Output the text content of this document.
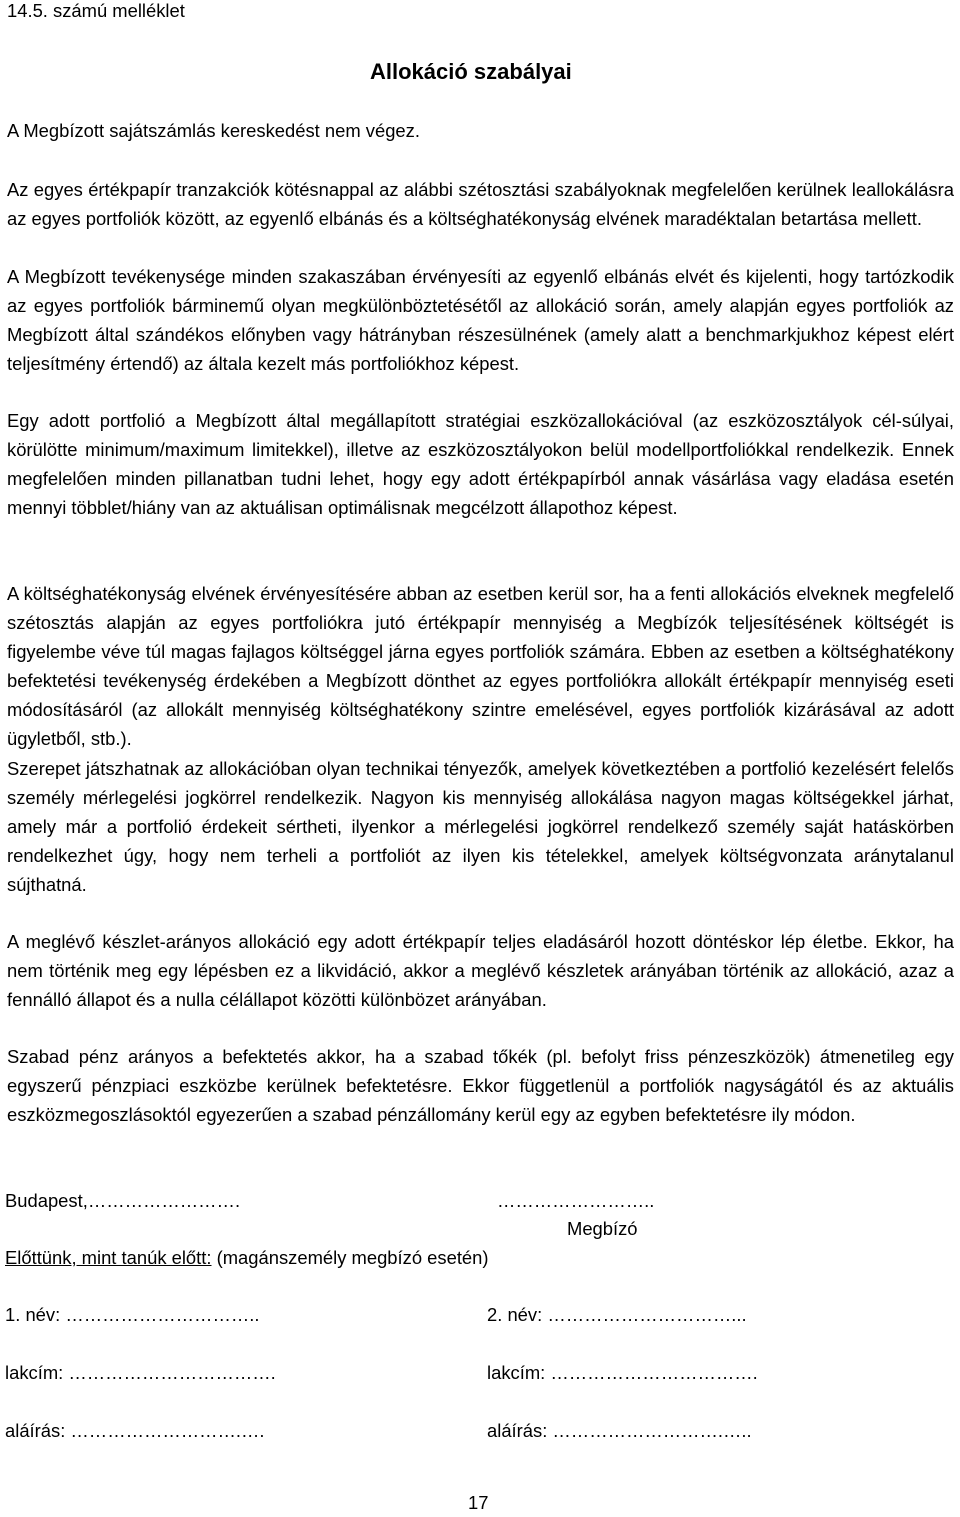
14.5. számú melléklet
Allokáció szabályai
A Megbízott sajátszámlás kereskedést nem végez.

Az egyes értékpapír tranzakciók kötésnappal az alábbi szétosztási szabályoknak megfelelően kerülnek leallokálásra az egyes portfoliók között, az egyenlő elbánás és a költséghatékonyság elvének maradéktalan betartása mellett.

A Megbízott tevékenysége minden szakaszában érvényesíti az egyenlő elbánás elvét és kijelenti, hogy tartózkodik az egyes portfoliók bárminemű olyan megkülönböztetésétől az allokáció során, amely alapján egyes portfoliók az Megbízott által szándékos előnyben vagy hátrányban részesülnének (amely alatt a benchmarkjukhoz képest elért teljesítmény értendő) az általa kezelt más portfoliókhoz képest.

Egy adott portfolió a Megbízott által megállapított stratégiai eszközallokációval (az eszközosztályok cél-súlyai, körülötte minimum/maximum limitekkel), illetve az eszközosztályokon belül modellportfoliókkal rendelkezik. Ennek megfelelően minden pillanatban tudni lehet, hogy egy adott értékpapírból annak vásárlása vagy eladása esetén mennyi többlet/hiány van az aktuálisan optimálisnak megcélzott állapothoz képest.

A költséghatékonyság elvének érvényesítésére abban az esetben kerül sor, ha a fenti allokációs elveknek megfelelő szétosztás alapján az egyes portfoliókra jutó értékpapír mennyiség a Megbízók teljesítésének költségét is figyelembe véve túl magas fajlagos költséggel járna egyes portfoliók számára. Ebben az esetben a költséghatékony befektetési tevékenység érdekében a Megbízott dönthet az egyes portfoliókra allokált értékpapír mennyiség eseti módosításáról (az allokált mennyiség költséghatékony szintre emelésével, egyes portfoliók kizárásával az adott ügyletből, stb.).

Szerepet játszhatnak az allokációban olyan technikai tényezők, amelyek következtében a portfolió kezelésért felelős személy mérlegelési jogkörrel rendelkezik. Nagyon kis mennyiség allokálása nagyon magas költségekkel járhat, amely már a portfolió érdekeit sértheti, ilyenkor a mérlegelési jogkörrel rendelkező személy saját hatáskörben rendelkezhet úgy, hogy nem terheli a portfoliót az ilyen kis tételekkel, amelyek költségvonzata aránytalanul sújthatná.

A meglévő készlet-arányos allokáció egy adott értékpapír teljes eladásáról hozott döntéskor lép életbe. Ekkor, ha nem történik meg egy lépésben ez a likvidáció, akkor a meglévő készletek arányában történik az allokáció, azaz a fennálló állapot és a nulla célállapot közötti különbözet arányában.

Szabad pénz arányos a befektetés akkor, ha a szabad tőkék (pl. befolyt friss pénzeszközök) átmenetileg egy egyszerű pénzpiaci eszközbe kerülnek befektetésre. Ekkor függetlenül a portfoliók nagyságától és az aktuális eszközmegoszlásoktól egyezerűen a szabad pénzállomány kerül egy az egyben befektetésre ily módon.

Budapest,…………………….	……………………..
Megbízó
Előttünk, mint tanúk előtt: (magánszemély megbízó esetén)
1. név: …………………………..	2. név: …………………………...
lakcím: …………………………….	lakcím: …………………………….
aláírás: ……………………….….	aláírás: ……………………….…..
17
